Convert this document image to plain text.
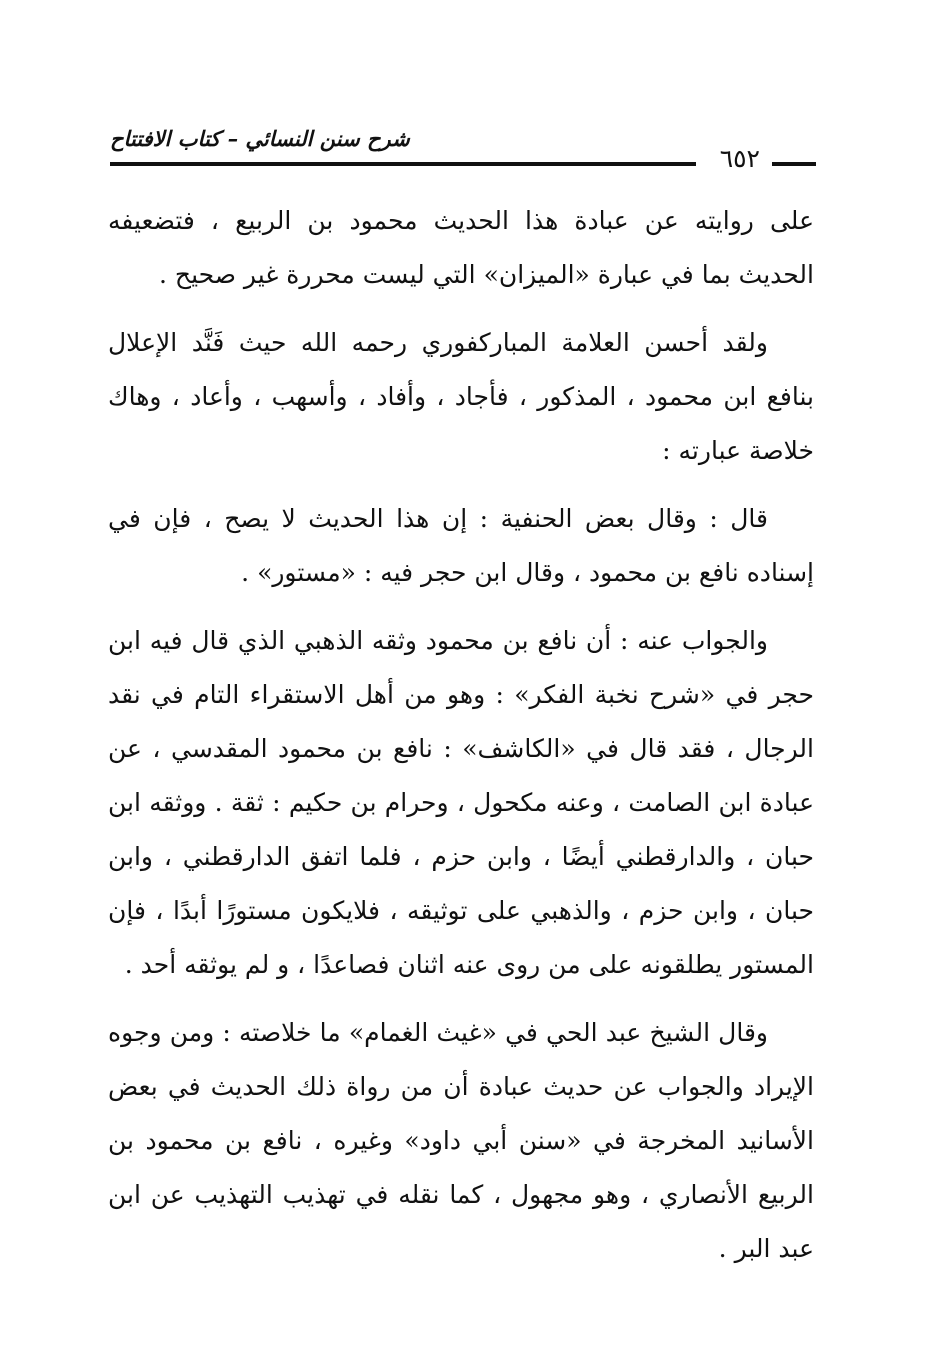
شرح سنن النسائي – كتاب الافتتاح
٦٥٢

على روايته عن عبادة هذا الحديث محمود بن الربيع ، فتضعيفه الحديث بما في عبارة «الميزان» التي ليست محررة غير صحيح .

ولقد أحسن العلامة المباركفوري رحمه الله حيث فَنَّد الإعلال بنافع ابن محمود ، المذكور ، فأجاد ، وأفاد ، وأسهب ، وأعاد ، وهاك خلاصة عبارته :

قال : وقال بعض الحنفية : إن هذا الحديث لا يصح ، فإن في إسناده نافع بن محمود ، وقال ابن حجر فيه : «مستور» .

والجواب عنه : أن نافع بن محمود وثقه الذهبي الذي قال فيه ابن حجر في «شرح نخبة الفكر» : وهو من أهل الاستقراء التام في نقد الرجال ، فقد قال في «الكاشف» : نافع بن محمود المقدسي ، عن عبادة ابن الصامت ، وعنه مكحول ، وحرام بن حكيم : ثقة . ووثقه ابن حبان ، والدارقطني أيضًا ، وابن حزم ، فلما اتفق الدارقطني ، وابن حبان ، وابن حزم ، والذهبي على توثيقه ، فلايكون مستورًا أبدًا ، فإن المستور يطلقونه على من روى عنه اثنان فصاعدًا ، و لم يوثقه أحد .

وقال الشيخ عبد الحي في «غيث الغمام» ما خلاصته : ومن وجوه الإيراد والجواب عن حديث عبادة أن من رواة ذلك الحديث في بعض الأسانيد المخرجة في «سنن أبي داود» وغيره ، نافع بن محمود بن الربيع الأنصاري ، وهو مجهول ، كما نقله في تهذيب التهذيب عن ابن عبد البر .
